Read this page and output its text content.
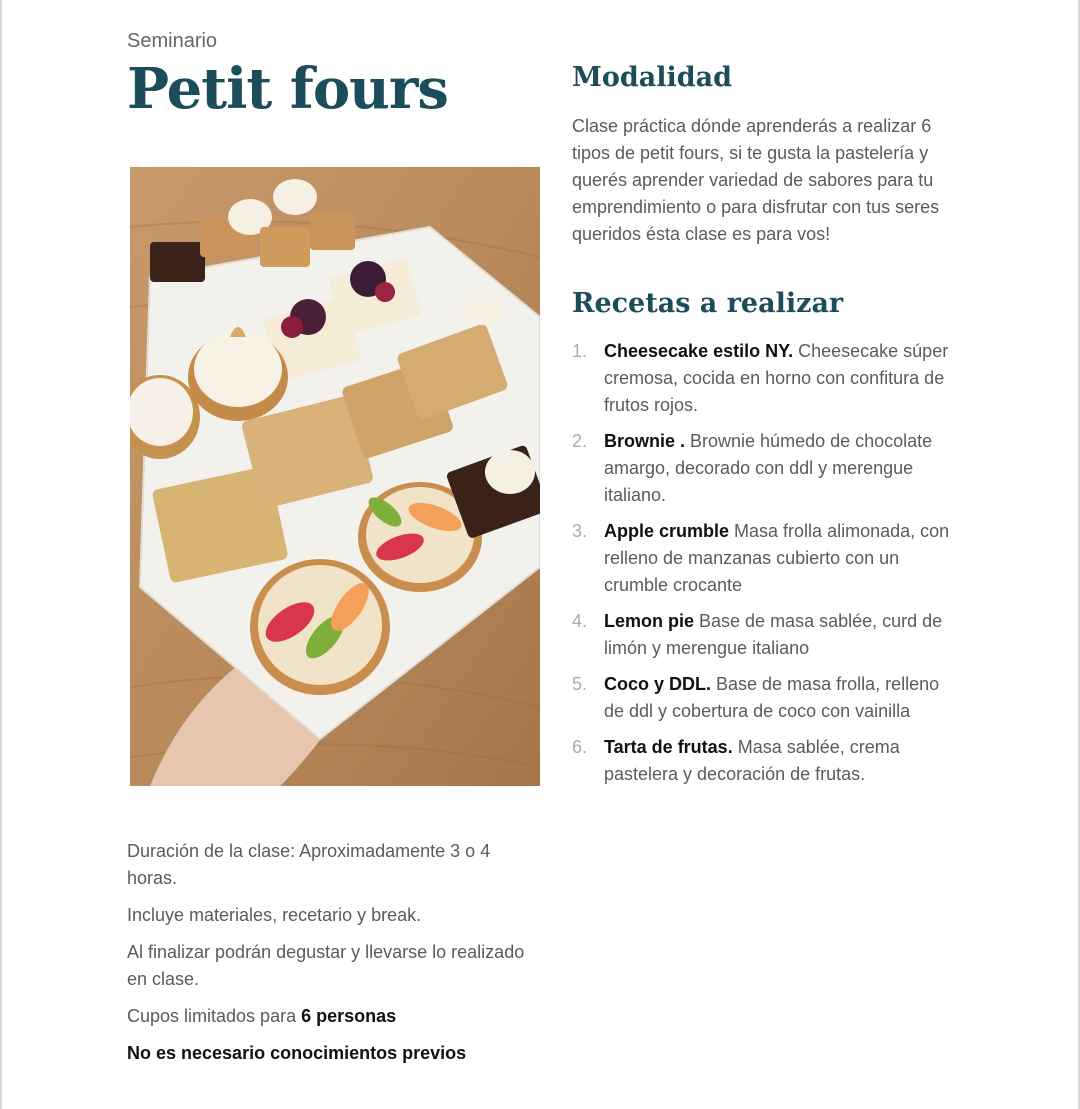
Seminario
Petit fours

Duración de la clase: Aproximadamente 3 o 4 horas.

Incluye materiales, recetario y break.

Al finalizar podrán degustar y llevarse lo realizado en clase.

Cupos limitados para 6 personas

No es necesario conocimientos previos

Modalidad

Clase práctica dónde aprenderás a realizar 6 tipos de petit fours, si te gusta la pastelería y querés aprender variedad de sabores para tu emprendimiento o para disfrutar con tus seres queridos ésta clase es para vos!

Recetas a realizar
1. Cheesecake estilo NY. Cheesecake súper cremosa, cocida en horno con confitura de frutos rojos.
2. Brownie . Brownie húmedo de chocolate amargo, decorado con ddl y merengue italiano.
3. Apple crumble Masa frolla alimonada, con relleno de manzanas cubierto con un crumble crocante
4. Lemon pie Base de masa sablée, curd de limón y merengue italiano
5. Coco y DDL. Base de masa frolla, relleno de ddl y cobertura de coco con vainilla
6. Tarta de frutas. Masa sablée, crema pastelera y decoración de frutas.
